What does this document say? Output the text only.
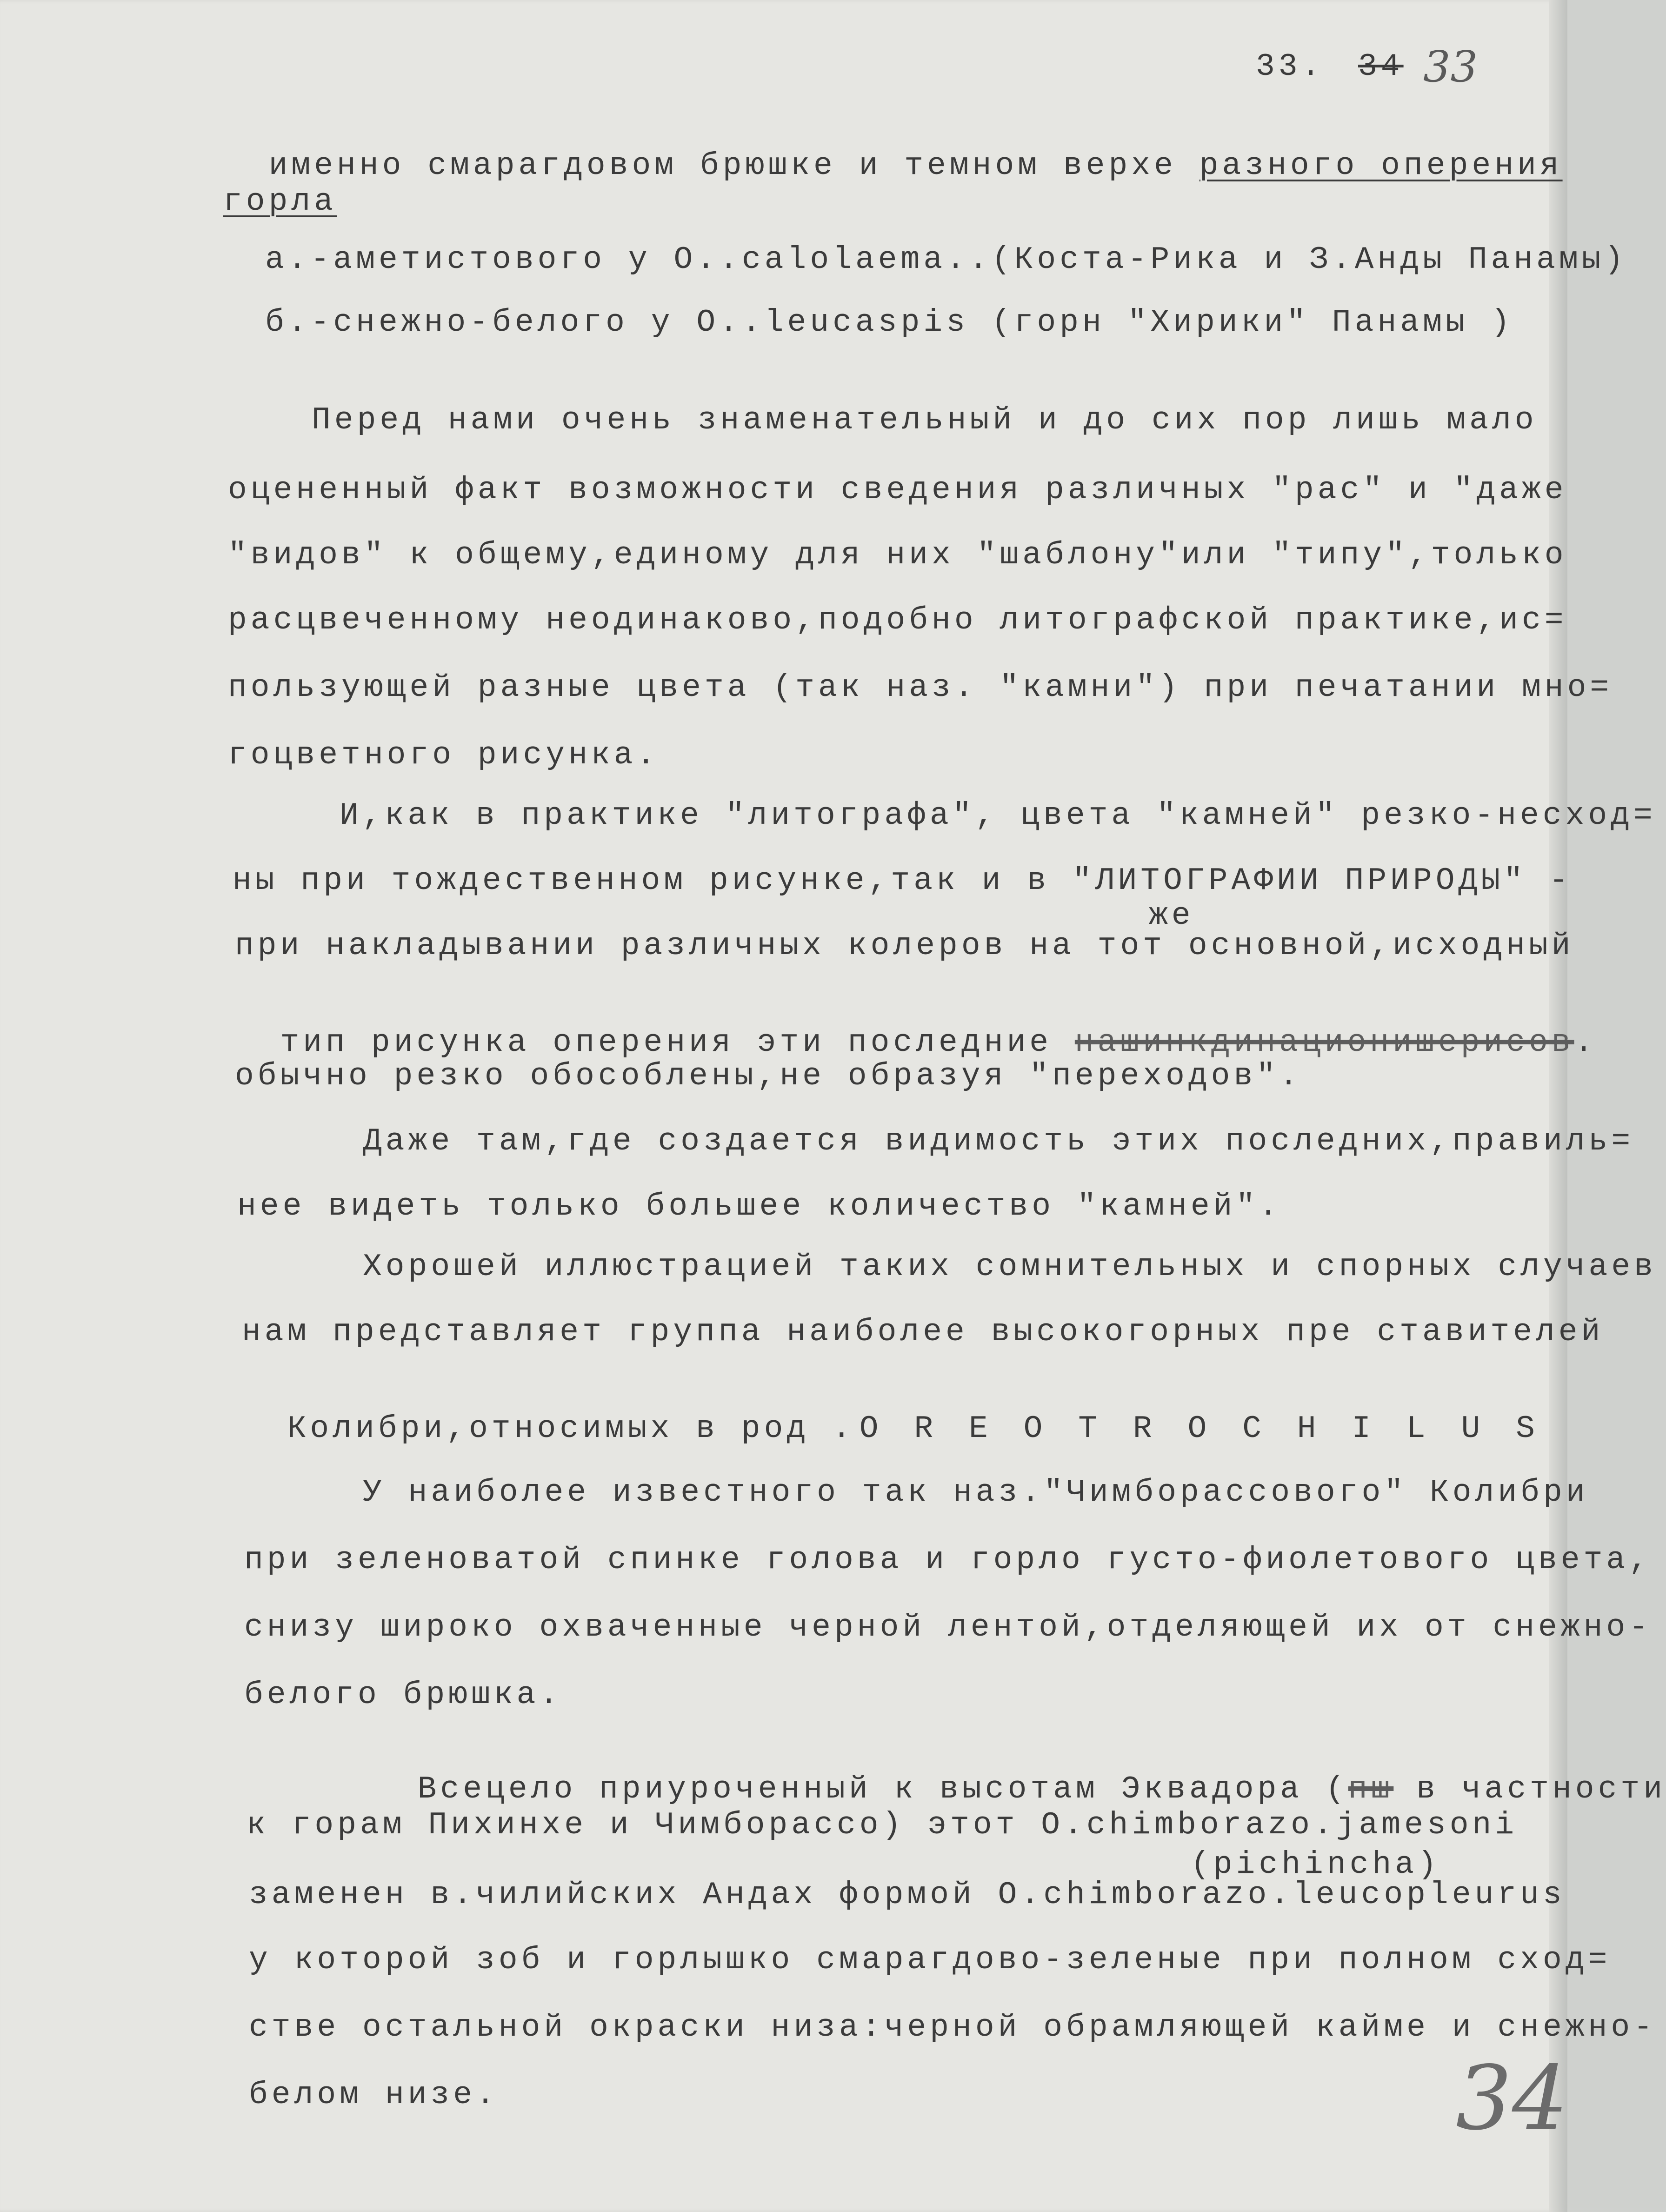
33. 34 33

именно смарагдовом брюшке и темном верхе разного оперения

горла
а.-аметистового у О..calolaema..(Коста-Рика и З.Анды Панамы)
б.-снежно-белого у О..leucaspis (горн "Хирики" Панамы )
Перед нами очень знаменательный и до сих пор лишь мало
оцененный факт возможности сведения различных "рас" и "даже
"видов" к общему,единому для них "шаблону"или "типу",только
расцвеченному неодинаково,подобно литографской практике,ис=
пользующей разные цвета (так наз. "камни") при печатании мно=
гоцветного рисунка.
И,как в практике "литографа", цвета "камней" резко-несход=
ны при тождественном рисунке,так и в "ЛИТОГРАФИИ ПРИРОДЫ" -
же
при накладывании различных колеров на тот основной,исходный

тип рисунка оперения эти последние нашинкдинационишерисов.

обычно резко обособлены,не образуя "переходов".
Даже там,где создается видимость этих последних,правиль=
нее видеть только большее количество "камней".
Хорошей иллюстрацией таких сомнительных и спорных случаев
нам представляет группа наиболее высокогорных пре ставителей

Колибри,относимых в род .O R E O T R O C H I L U S

У наиболее известного так наз."Чимборассового" Колибри
при зеленоватой спинке голова и горло густо-фиолетового цвета,
снизу широко охваченные черной лентой,отделяющей их от снежно-
белого брюшка.

Всецело приуроченный к высотам Эквадора (пш в частности

к горам Пихинхе и Чимборассо) этот O.chimborazo.jamesoni
(pichincha)
заменен в.чилийских Андах формой O.chimborazo.leucopleurus
у которой зоб и горлышко смарагдово-зеленые при полном сход=
стве остальной окраски низа:черной обрамляющей кайме и снежно-
белом низе.	34
